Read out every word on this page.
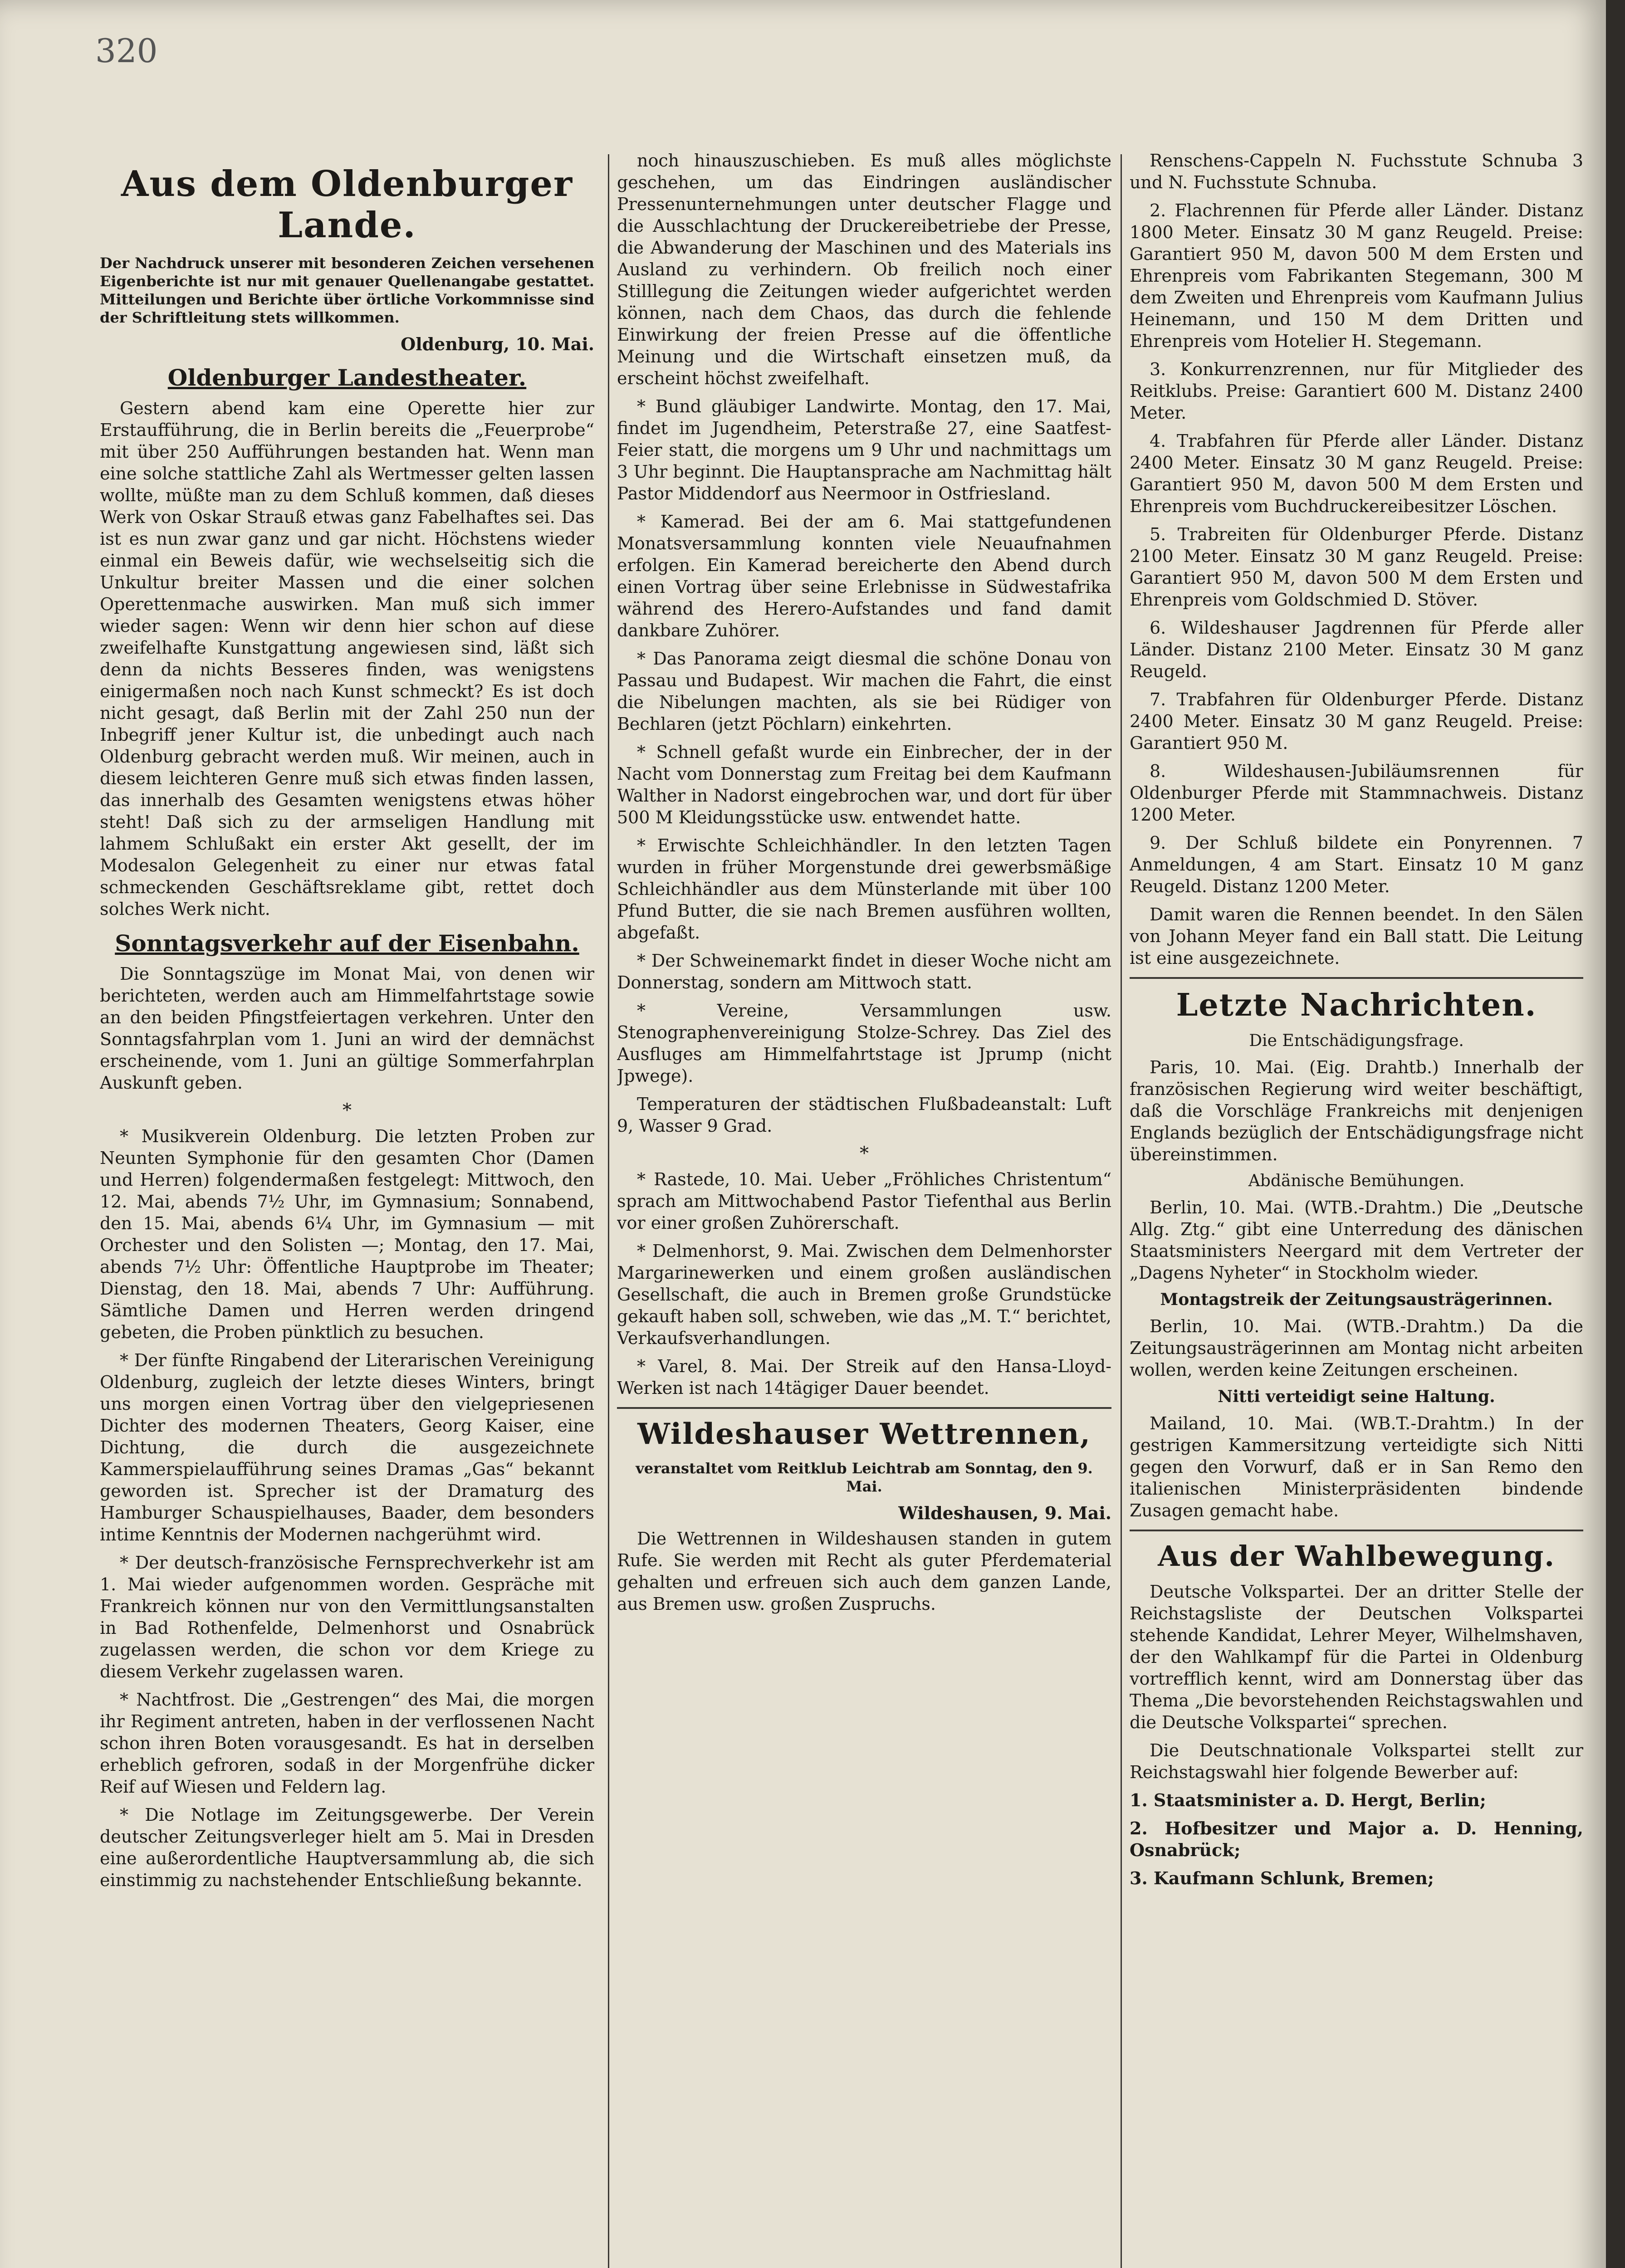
320
Aus dem Oldenburger Lande.
Der Nachdruck unserer mit besonderen Zeichen versehenen Eigenberichte ist nur mit genauer Quellenangabe gestattet. Mitteilungen und Berichte über örtliche Vorkommnisse sind der Schriftleitung stets willkommen.
Oldenburg, 10. Mai.
Oldenburger Landestheater.

Gestern abend kam eine Operette hier zur Erstaufführung, die in Berlin bereits die „Feuerprobe“ mit über 250 Aufführungen bestanden hat. Wenn man eine solche stattliche Zahl als Wertmesser gelten lassen wollte, müßte man zu dem Schluß kommen, daß dieses Werk von Oskar Strauß etwas ganz Fabelhaftes sei. Das ist es nun zwar ganz und gar nicht. Höchstens wieder einmal ein Beweis dafür, wie wechselseitig sich die Unkultur breiter Massen und die einer solchen Operettenmache auswirken. Man muß sich immer wieder sagen: Wenn wir denn hier schon auf diese zweifelhafte Kunstgattung angewiesen sind, läßt sich denn da nichts Besseres finden, was wenigstens einigermaßen noch nach Kunst schmeckt? Es ist doch nicht gesagt, daß Berlin mit der Zahl 250 nun der Inbegriff jener Kultur ist, die unbedingt auch nach Oldenburg gebracht werden muß. Wir meinen, auch in diesem leichteren Genre muß sich etwas finden lassen, das innerhalb des Gesamten wenigstens etwas höher steht! Daß sich zu der armseligen Handlung mit lahmem Schlußakt ein erster Akt gesellt, der im Modesalon Gelegenheit zu einer nur etwas fatal schmeckenden Geschäftsreklame gibt, rettet doch solches Werk nicht.

Sonntagsverkehr auf der Eisenbahn.

Die Sonntagszüge im Monat Mai, von denen wir berichteten, werden auch am Himmelfahrtstage sowie an den beiden Pfingstfeiertagen verkehren. Unter den Sonntagsfahrplan vom 1. Juni an wird der demnächst erscheinende, vom 1. Juni an gültige Sommerfahrplan Auskunft geben.

*

* Musikverein Oldenburg. Die letzten Proben zur Neunten Symphonie für den gesamten Chor (Damen und Herren) folgendermaßen festgelegt: Mittwoch, den 12. Mai, abends 7½ Uhr, im Gymnasium; Sonnabend, den 15. Mai, abends 6¼ Uhr, im Gymnasium — mit Orchester und den Solisten —; Montag, den 17. Mai, abends 7½ Uhr: Öffentliche Hauptprobe im Theater; Dienstag, den 18. Mai, abends 7 Uhr: Aufführung. Sämtliche Damen und Herren werden dringend gebeten, die Proben pünktlich zu besuchen.

* Der fünfte Ringabend der Literarischen Vereinigung Oldenburg, zugleich der letzte dieses Winters, bringt uns morgen einen Vortrag über den vielgepriesenen Dichter des modernen Theaters, Georg Kaiser, eine Dichtung, die durch die ausgezeichnete Kammerspielaufführung seines Dramas „Gas“ bekannt geworden ist. Sprecher ist der Dramaturg des Hamburger Schauspielhauses, Baader, dem besonders intime Kenntnis der Modernen nachgerühmt wird.

* Der deutsch-französische Fernsprechverkehr ist am 1. Mai wieder aufgenommen worden. Gespräche mit Frankreich können nur von den Vermittlungsanstalten in Bad Rothenfelde, Delmenhorst und Osnabrück zugelassen werden, die schon vor dem Kriege zu diesem Verkehr zugelassen waren.

* Nachtfrost. Die „Gestrengen“ des Mai, die morgen ihr Regiment antreten, haben in der verflossenen Nacht schon ihren Boten vorausgesandt. Es hat in derselben erheblich gefroren, sodaß in der Morgenfrühe dicker Reif auf Wiesen und Feldern lag.

* Die Notlage im Zeitungsgewerbe. Der Verein deutscher Zeitungsverleger hielt am 5. Mai in Dresden eine außerordentliche Hauptversammlung ab, die sich einstimmig zu nachstehender Entschließung bekannte.

noch hinauszuschieben. Es muß alles möglichste geschehen, um das Eindringen ausländischer Pressenunternehmungen unter deutscher Flagge und die Ausschlachtung der Druckereibetriebe der Presse, die Abwanderung der Maschinen und des Materials ins Ausland zu verhindern. Ob freilich noch einer Stilllegung die Zeitungen wieder aufgerichtet werden können, nach dem Chaos, das durch die fehlende Einwirkung der freien Presse auf die öffentliche Meinung und die Wirtschaft einsetzen muß, da erscheint höchst zweifelhaft.

* Bund gläubiger Landwirte. Montag, den 17. Mai, findet im Jugendheim, Peterstraße 27, eine Saatfest-Feier statt, die morgens um 9 Uhr und nachmittags um 3 Uhr beginnt. Die Hauptansprache am Nachmittag hält Pastor Middendorf aus Neermoor in Ostfriesland.

* Kamerad. Bei der am 6. Mai stattgefundenen Monatsversammlung konnten viele Neuaufnahmen erfolgen. Ein Kamerad bereicherte den Abend durch einen Vortrag über seine Erlebnisse in Südwestafrika während des Herero-Aufstandes und fand damit dankbare Zuhörer.

* Das Panorama zeigt diesmal die schöne Donau von Passau und Budapest. Wir machen die Fahrt, die einst die Nibelungen machten, als sie bei Rüdiger von Bechlaren (jetzt Pöchlarn) einkehrten.

* Schnell gefaßt wurde ein Einbrecher, der in der Nacht vom Donnerstag zum Freitag bei dem Kaufmann Walther in Nadorst eingebrochen war, und dort für über 500 M Kleidungsstücke usw. entwendet hatte.

* Erwischte Schleichhändler. In den letzten Tagen wurden in früher Morgenstunde drei gewerbsmäßige Schleichhändler aus dem Münsterlande mit über 100 Pfund Butter, die sie nach Bremen ausführen wollten, abgefaßt.

* Der Schweinemarkt findet in dieser Woche nicht am Donnerstag, sondern am Mittwoch statt.

* Vereine, Versammlungen usw. Stenographenvereinigung Stolze-Schrey. Das Ziel des Ausfluges am Himmelfahrtstage ist Jprump (nicht Jpwege).

Temperaturen der städtischen Flußbadeanstalt: Luft 9, Wasser 9 Grad.

*

* Rastede, 10. Mai. Ueber „Fröhliches Christentum“ sprach am Mittwochabend Pastor Tiefenthal aus Berlin vor einer großen Zuhörerschaft.

* Delmenhorst, 9. Mai. Zwischen dem Delmenhorster Margarinewerken und einem großen ausländischen Gesellschaft, die auch in Bremen große Grundstücke gekauft haben soll, schweben, wie das „M. T.“ berichtet, Verkaufsverhandlungen.

* Varel, 8. Mai. Der Streik auf den Hansa-Lloyd-Werken ist nach 14tägiger Dauer beendet.

Wildeshauser Wettrennen,
veranstaltet vom Reitklub Leichtrab am Sonntag, den 9. Mai.
Wildeshausen, 9. Mai.

Die Wettrennen in Wildeshausen standen in gutem Rufe. Sie werden mit Recht als guter Pferdematerial gehalten und erfreuen sich auch dem ganzen Lande, aus Bremen usw. großen Zuspruchs.

Renschens-Cappeln N. Fuchsstute Schnuba 3 und N. Fuchsstute Schnuba.

2. Flachrennen für Pferde aller Länder. Distanz 1800 Meter. Einsatz 30 M ganz Reugeld. Preise: Garantiert 950 M, davon 500 M dem Ersten und Ehrenpreis vom Fabrikanten Stegemann, 300 M dem Zweiten und Ehrenpreis vom Kaufmann Julius Heinemann, und 150 M dem Dritten und Ehrenpreis vom Hotelier H. Stegemann.

3. Konkurrenzrennen, nur für Mitglieder des Reitklubs. Preise: Garantiert 600 M. Distanz 2400 Meter.

4. Trabfahren für Pferde aller Länder. Distanz 2400 Meter. Einsatz 30 M ganz Reugeld. Preise: Garantiert 950 M, davon 500 M dem Ersten und Ehrenpreis vom Buchdruckereibesitzer Löschen.

5. Trabreiten für Oldenburger Pferde. Distanz 2100 Meter. Einsatz 30 M ganz Reugeld. Preise: Garantiert 950 M, davon 500 M dem Ersten und Ehrenpreis vom Goldschmied D. Stöver.

6. Wildeshauser Jagdrennen für Pferde aller Länder. Distanz 2100 Meter. Einsatz 30 M ganz Reugeld.

7. Trabfahren für Oldenburger Pferde. Distanz 2400 Meter. Einsatz 30 M ganz Reugeld. Preise: Garantiert 950 M.

8. Wildeshausen-Jubiläumsrennen für Oldenburger Pferde mit Stammnachweis. Distanz 1200 Meter.

9. Der Schluß bildete ein Ponyrennen. 7 Anmeldungen, 4 am Start. Einsatz 10 M ganz Reugeld. Distanz 1200 Meter.

Damit waren die Rennen beendet. In den Sälen von Johann Meyer fand ein Ball statt. Die Leitung ist eine ausgezeichnete.

Letzte Nachrichten.
Die Entschädigungsfrage.

Paris, 10. Mai. (Eig. Drahtb.) Innerhalb der französischen Regierung wird weiter beschäftigt, daß die Vorschläge Frankreichs mit denjenigen Englands bezüglich der Entschädigungsfrage nicht übereinstimmen.

Abdänische Bemühungen.

Berlin, 10. Mai. (WTB.-Drahtm.) Die „Deutsche Allg. Ztg.“ gibt eine Unterredung des dänischen Staatsministers Neergard mit dem Vertreter der „Dagens Nyheter“ in Stockholm wieder.

Montagstreik der Zeitungsausträgerinnen.

Berlin, 10. Mai. (WTB.-Drahtm.) Da die Zeitungsausträgerinnen am Montag nicht arbeiten wollen, werden keine Zeitungen erscheinen.

Nitti verteidigt seine Haltung.

Mailand, 10. Mai. (WB.T.-Drahtm.) In der gestrigen Kammersitzung verteidigte sich Nitti gegen den Vorwurf, daß er in San Remo den italienischen Ministerpräsidenten bindende Zusagen gemacht habe.

Aus der Wahlbewegung.

Deutsche Volkspartei. Der an dritter Stelle der Reichstagsliste der Deutschen Volkspartei stehende Kandidat, Lehrer Meyer, Wilhelmshaven, der den Wahlkampf für die Partei in Oldenburg vortrefflich kennt, wird am Donnerstag über das Thema „Die bevorstehenden Reichstagswahlen und die Deutsche Volkspartei“ sprechen.

Die Deutschnationale Volkspartei stellt zur Reichstagswahl hier folgende Bewerber auf:

1. Staatsminister a. D. Hergt, Berlin;

2. Hofbesitzer und Major a. D. Henning, Osnabrück;

3. Kaufmann Schlunk, Bremen;
